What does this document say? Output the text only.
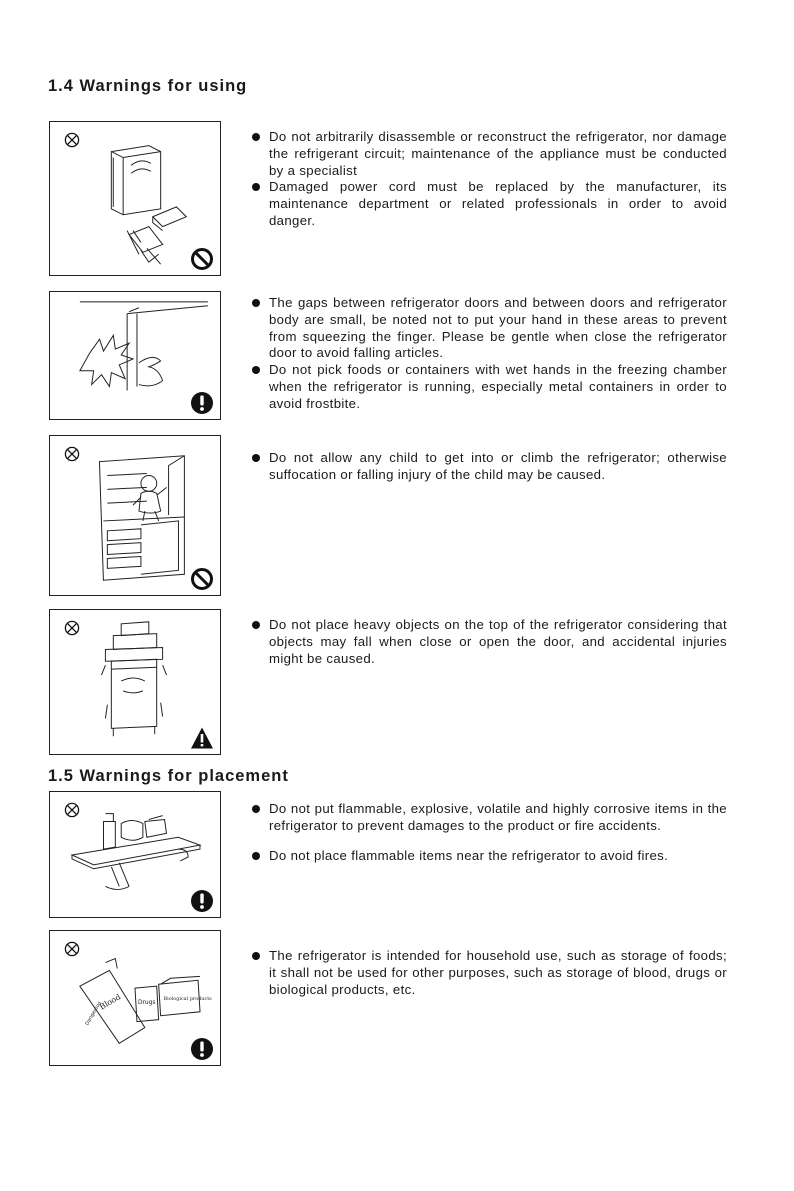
1.4 Warnings for using
Do not arbitrarily disassemble or reconstruct the refrigerator, nor damage the refrigerant circuit; maintenance of the appliance must be conducted by a specialist
Damaged power cord must be replaced by the manufacturer, its maintenance department or related professionals in order to avoid danger.
The gaps between refrigerator doors and between doors and refrigerator body are small, be noted not to put your hand in these areas to prevent from squeezing the finger. Please be gentle when close the refrigerator door to avoid falling articles.
Do not pick foods or containers with wet hands in the freezing chamber when the refrigerator is running, especially metal containers in order to avoid frostbite.
Do not allow any child to get into or climb the refrigerator; otherwise suffocation or falling injury of the child may be caused.
Do not place heavy objects on the top of the refrigerator considering that objects may fall when close or open the door, and accidental injuries might be caused.
1.5 Warnings for placement
Do not put flammable, explosive, volatile and highly corrosive items in the refrigerator to prevent damages to the product or fire accidents.
Do not place flammable items near the refrigerator to avoid fires.
Dangerous
Blood	Drugs
Biological products
The refrigerator is intended for household use, such as storage of foods; it shall not be used for other purposes, such as storage of blood, drugs or biological products, etc.
